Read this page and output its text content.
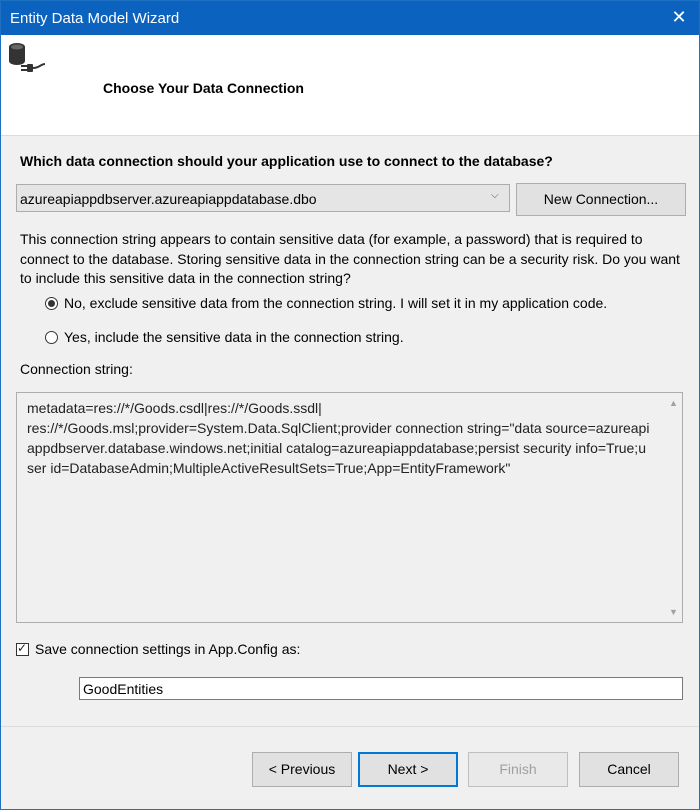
Entity Data Model Wizard	✕
Choose Your Data Connection
Which data connection should your application use to connect to the database?
azureapiappdbserver.azureapiappdatabase.dbo	⌵	New Connection...
This connection string appears to contain sensitive data (for example, a password) that is required to connect to the database. Storing sensitive data in the connection string can be a security risk. Do you want to include this sensitive data in the connection string?
No, exclude sensitive data from the connection string. I will set it in my application code.
Yes, include the sensitive data in the connection string.
Connection string:
metadata=res://*/Goods.csdl|res://*/Goods.ssdl|
res://*/Goods.msl;provider=System.Data.SqlClient;provider connection string="data source=azureapiappdbserver.database.windows.net;initial catalog=azureapiappdatabase;persist security info=True;user id=DatabaseAdmin;MultipleActiveResultSets=True;App=EntityFramework"
▲
▼
✓
Save connection settings in App.Config as:
GoodEntities
< Previous	Next >	Finish	Cancel
